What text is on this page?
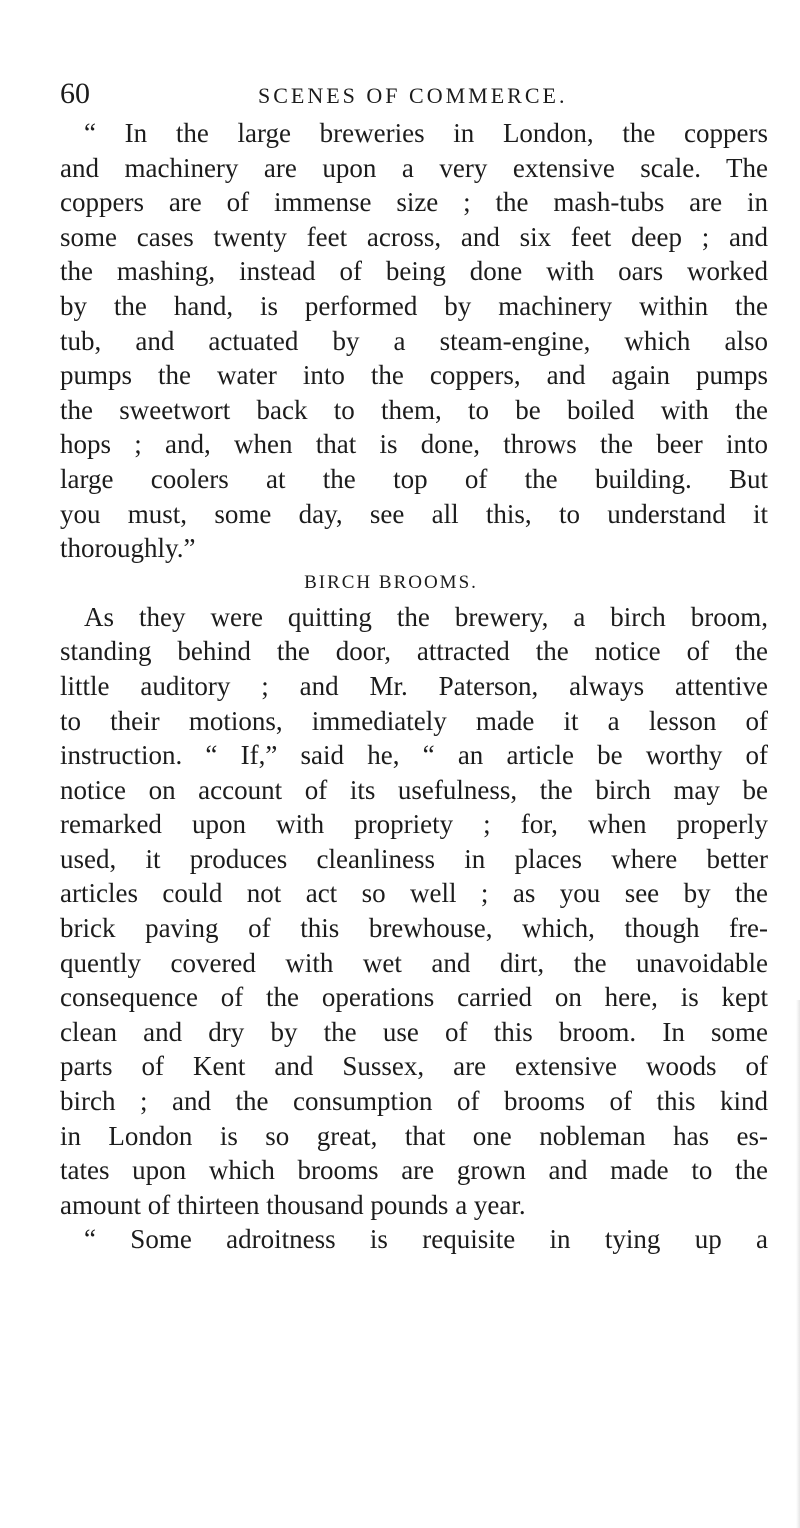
60	SCENES OF COMMERCE.
“ In the large breweries in London, the coppers
and machinery are upon a very extensive scale. The
coppers are of immense size ; the mash-tubs are in
some cases twenty feet across, and six feet deep ; and
the mashing, instead of being done with oars worked
by the hand, is performed by machinery within the
tub, and actuated by a steam-engine, which also
pumps the water into the coppers, and again pumps
the sweetwort back to them, to be boiled with the
hops ; and, when that is done, throws the beer into
large coolers at the top of the building. But
you must, some day, see all this, to understand it
thoroughly.”
BIRCH BROOMS.
As they were quitting the brewery, a birch broom,
standing behind the door, attracted the notice of the
little auditory ; and Mr. Paterson, always attentive
to their motions, immediately made it a lesson of
instruction. “ If,” said he, “ an article be worthy of
notice on account of its usefulness, the birch may be
remarked upon with propriety ; for, when properly
used, it produces cleanliness in places where better
articles could not act so well ; as you see by the
brick paving of this brewhouse, which, though fre-
quently covered with wet and dirt, the unavoidable
consequence of the operations carried on here, is kept
clean and dry by the use of this broom. In some
parts of Kent and Sussex, are extensive woods of
birch ; and the consumption of brooms of this kind
in London is so great, that one nobleman has es-
tates upon which brooms are grown and made to the
amount of thirteen thousand pounds a year.
“ Some adroitness is requisite in tying up a
